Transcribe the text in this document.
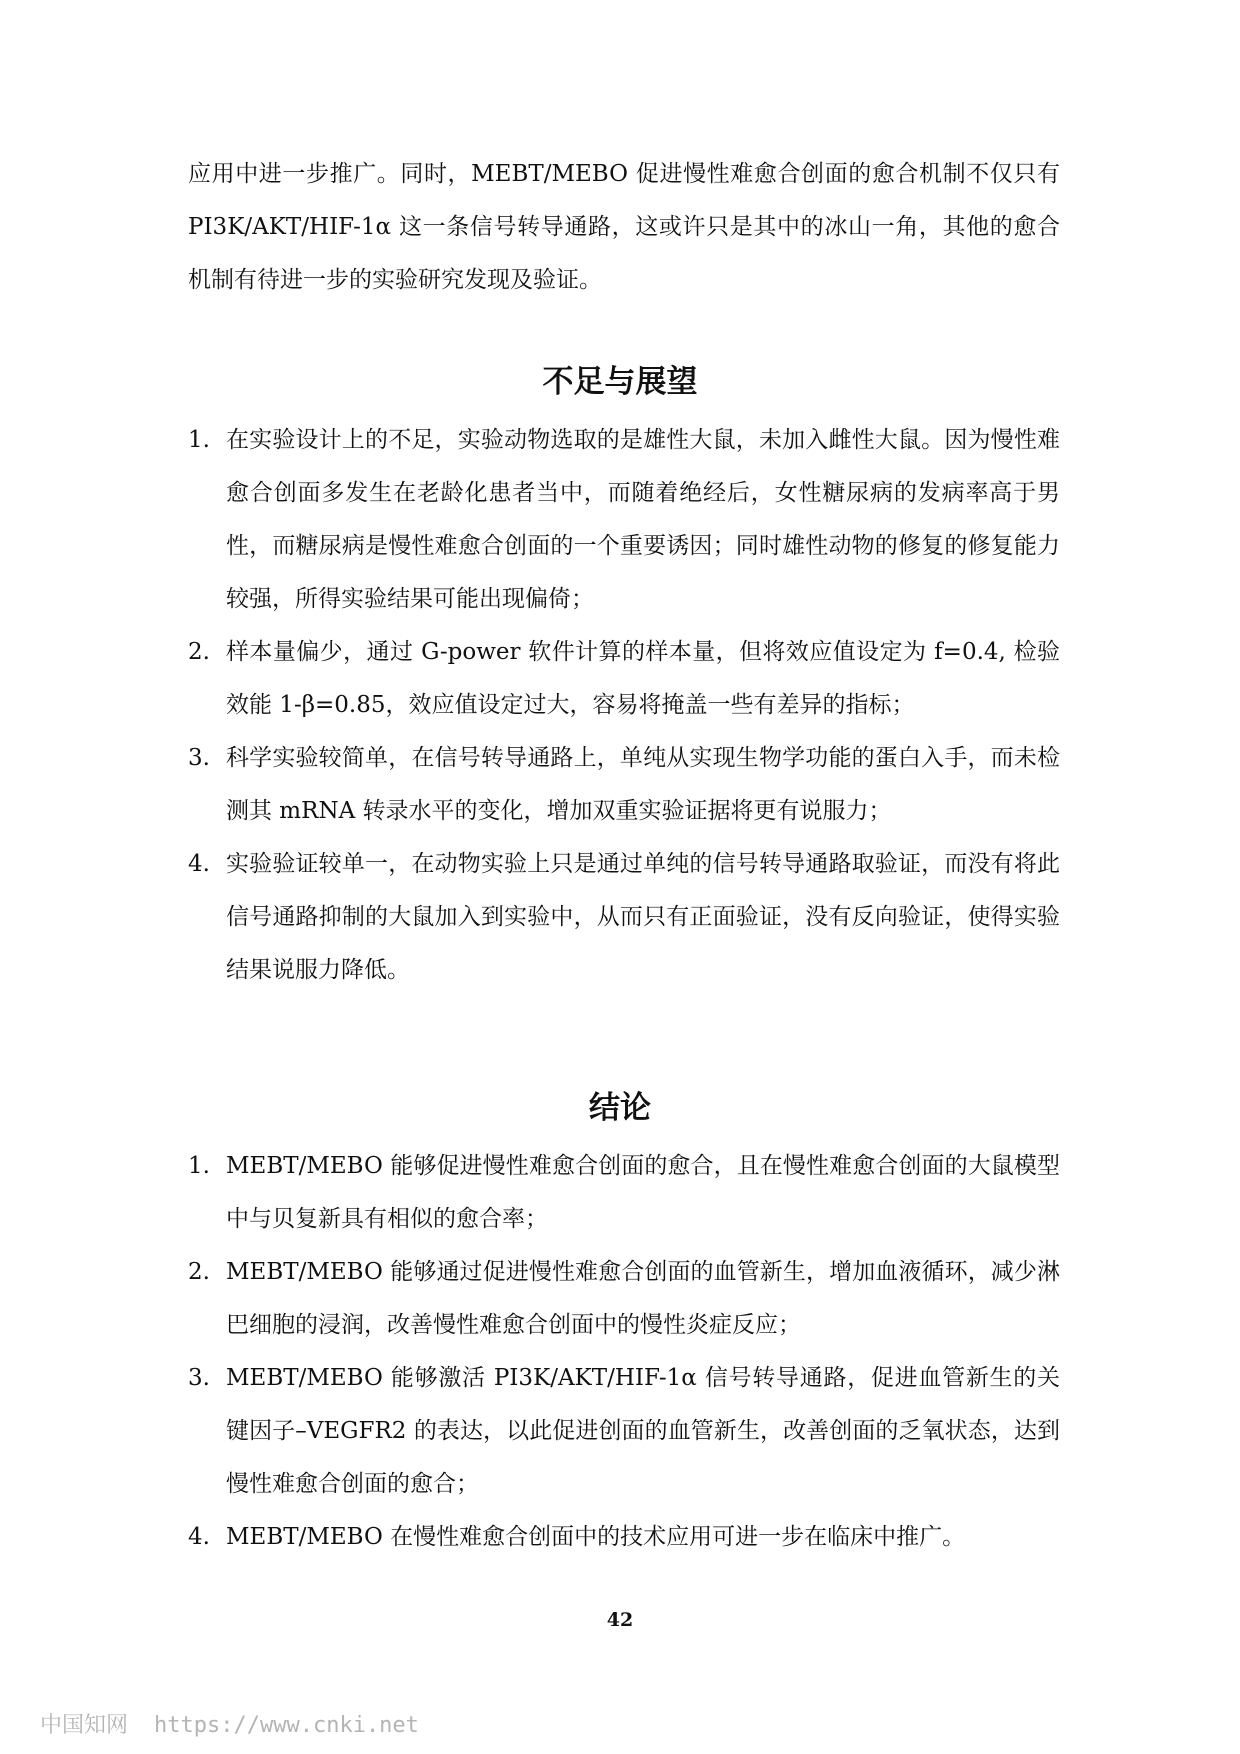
应用中进一步推广。同时，MEBT/MEBO 促进慢性难愈合创面的愈合机制不仅只有 PI3K/AKT/HIF-1α 这一条信号转导通路，这或许只是其中的冰山一角，其他的愈合机制有待进一步的实验研究发现及验证。

不足与展望
1. 在实验设计上的不足，实验动物选取的是雄性大鼠，未加入雌性大鼠。因为慢性难愈合创面多发生在老龄化患者当中，而随着绝经后，女性糖尿病的发病率高于男性，而糖尿病是慢性难愈合创面的一个重要诱因；同时雄性动物的修复的修复能力较强，所得实验结果可能出现偏倚；
2. 样本量偏少，通过 G-power 软件计算的样本量，但将效应值设定为 f=0.4, 检验效能 1-β=0.85，效应值设定过大，容易将掩盖一些有差异的指标；
3. 科学实验较简单，在信号转导通路上，单纯从实现生物学功能的蛋白入手，而未检测其 mRNA 转录水平的变化，增加双重实验证据将更有说服力；
4. 实验验证较单一，在动物实验上只是通过单纯的信号转导通路取验证，而没有将此信号通路抑制的大鼠加入到实验中，从而只有正面验证，没有反向验证，使得实验结果说服力降低。
结论
1. MEBT/MEBO 能够促进慢性难愈合创面的愈合，且在慢性难愈合创面的大鼠模型中与贝复新具有相似的愈合率；
2. MEBT/MEBO 能够通过促进慢性难愈合创面的血管新生，增加血液循环，减少淋巴细胞的浸润，改善慢性难愈合创面中的慢性炎症反应；
3. MEBT/MEBO 能够激活 PI3K/AKT/HIF-1α 信号转导通路，促进血管新生的关键因子–VEGFR2 的表达，以此促进创面的血管新生，改善创面的乏氧状态，达到慢性难愈合创面的愈合；
4. MEBT/MEBO 在慢性难愈合创面中的技术应用可进一步在临床中推广。
42
中国知网 https://www.cnki.net
